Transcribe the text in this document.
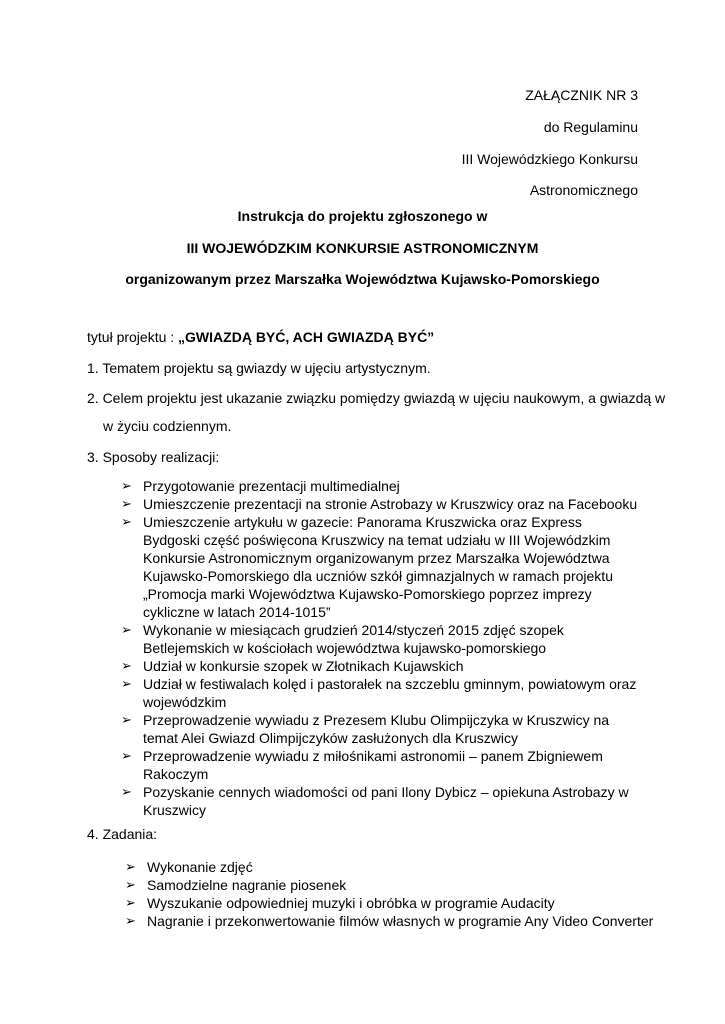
ZAŁĄCZNIK NR 3
do Regulaminu
III Wojewódzkiego Konkursu
Astronomicznego
Instrukcja do projektu zgłoszonego w
III WOJEWÓDZKIM KONKURSIE ASTRONOMICZNYM
organizowanym przez Marszałka Województwa Kujawsko-Pomorskiego
tytuł projektu : „GWIAZDĄ BYĆ, ACH GWIAZDĄ BYĆ”
1. Tematem projektu są gwiazdy w ujęciu artystycznym.
2. Celem projektu jest ukazanie związku pomiędzy gwiazdą w ujęciu naukowym, a gwiazdą w
w życiu codziennym.
3. Sposoby realizacji:
➢ Przygotowanie prezentacji multimedialnej
➢ Umieszczenie prezentacji na stronie Astrobazy w Kruszwicy oraz na Facebooku
➢ Umieszczenie artykułu w gazecie: Panorama Kruszwicka oraz Express Bydgoski część poświęcona Kruszwicy na temat udziału w III Wojewódzkim Konkursie Astronomicznym organizowanym przez Marszałka Województwa Kujawsko-Pomorskiego dla uczniów szkół gimnazjalnych w ramach projektu „Promocja marki Województwa Kujawsko-Pomorskiego poprzez imprezy cykliczne w latach 2014-1015”
➢ Wykonanie w miesiącach grudzień 2014/styczeń 2015 zdjęć szopek Betlejemskich w kościołach województwa kujawsko-pomorskiego
➢ Udział w konkursie szopek w Złotnikach Kujawskich
➢ Udział w festiwalach kolęd i pastorałek na szczeblu gminnym, powiatowym oraz wojewódzkim
➢ Przeprowadzenie wywiadu z Prezesem Klubu Olimpijczyka w Kruszwicy na temat Alei Gwiazd Olimpijczyków zasłużonych dla Kruszwicy
➢ Przeprowadzenie wywiadu z miłośnikami astronomii – panem Zbigniewem Rakoczym
➢ Pozyskanie cennych wiadomości od pani Ilony Dybicz – opiekuna Astrobazy w Kruszwicy
4. Zadania:
➢ Wykonanie zdjęć
➢ Samodzielne nagranie piosenek
➢ Wyszukanie odpowiedniej muzyki i obróbka w programie Audacity
➢ Nagranie i przekonwertowanie filmów własnych w programie Any Video Converter
